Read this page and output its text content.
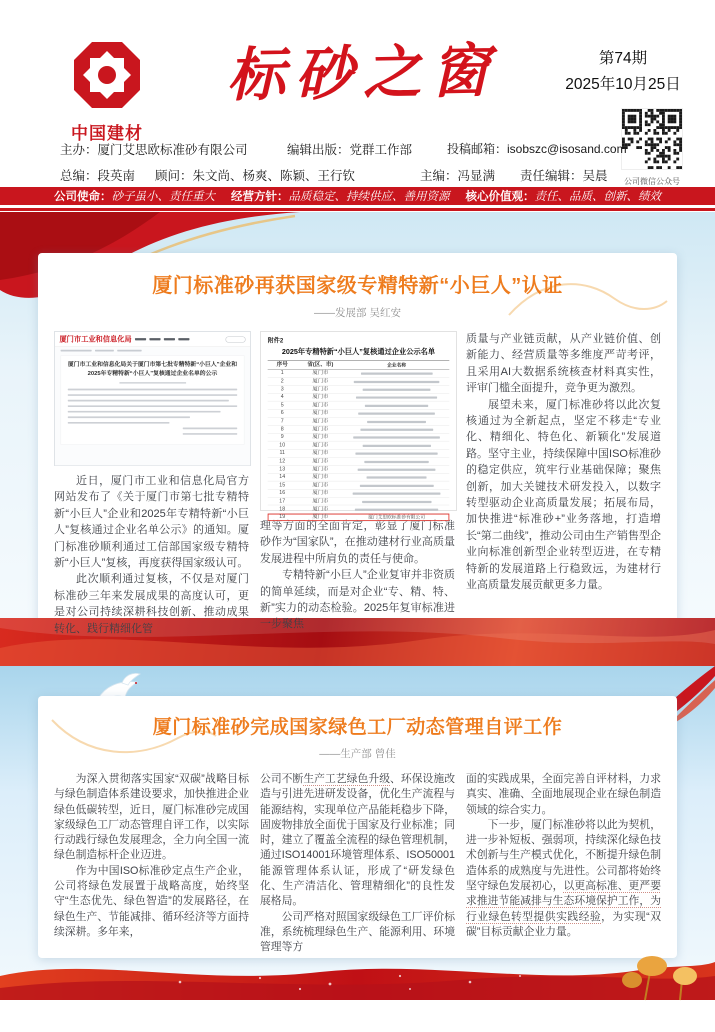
中国建材
标砂之窗	第74期
2025年10月25日
公司微信公众号
主办：厦门艾思欧标准砂有限公司	编辑出版：党群工作部	投稿邮箱：isobszc@isosand.com
总编：段英南 顾问：朱文尚、杨爽、陈颖、王行钦	主编：冯显满 责任编辑：吴晨
公司使命：砂子虽小、责任重大 经营方针：品质稳定、持续供应、善用资源 核心价值观：责任、品质、创新、绩效
厦门标准砂再获国家级专精特新“小巨人”认证
——发展部 吴红安
厦门市工业和信息化局
厦门市工业和信息化局关于厦门市第七批专精特新“小巨人”企业和2025年专精特新“小巨人”复核通过企业名单的公示

近日，厦门市工业和信息化局官方网站发布了《关于厦门市第七批专精特新“小巨人”企业和2025年专精特新“小巨人”复核通过企业名单公示》的通知。厦门标准砂顺利通过工信部国家级专精特新“小巨人”复核，再度获得国家级认可。

此次顺利通过复核，不仅是对厦门标准砂三年来发展成果的高度认可，更是对公司持续深耕科技创新、推动成果转化、践行精细化管

附件2
2025年专精特新“小巨人”复核通过企业公示名单
序号	省(区、市)	企业名称
1	厦门市
2	厦门市
3	厦门市
4	厦门市
5	厦门市
6	厦门市
7	厦门市
8	厦门市
9	厦门市
10	厦门市
11	厦门市
12	厦门市
13	厦门市
14	厦门市
15	厦门市
16	厦门市
17	厦门市
18	厦门市
19	厦门市	厦门艾思欧标准砂有限公司

理等方面的全面肯定，彰显了厦门标准砂作为“国家队”，在推动建材行业高质量发展进程中所肩负的责任与使命。

专精特新“小巨人”企业复审并非资质的简单延续，而是对企业“专、精、特、新”实力的动态检验。2025年复审标准进一步聚焦

质量与产业链贡献，从产业链价值、创新能力、经营质量等多维度严苛考评，且采用AI大数据系统核查材料真实性，评审门槛全面提升，竞争更为激烈。

展望未来，厦门标准砂将以此次复核通过为全新起点，坚定不移走“专业化、精细化、特色化、新颖化”发展道路。坚守主业，持续保障中国ISO标准砂的稳定供应，筑牢行业基础保障；聚焦创新，加大关键技术研发投入，以数字转型驱动企业高质量发展；拓展布局，加快推进“标准砂+”业务落地，打造增长“第二曲线”，推动公司由生产销售型企业向标准创新型企业转型迈进，在专精特新的发展道路上行稳致远，为建材行业高质量发展贡献更多力量。

厦门标准砂完成国家绿色工厂动态管理自评工作
——生产部 曾佳

为深入贯彻落实国家“双碳”战略目标与绿色制造体系建设要求，加快推进企业绿色低碳转型，近日，厦门标准砂完成国家级绿色工厂动态管理自评工作，以实际行动践行绿色发展理念，全力向全国一流绿色制造标杆企业迈进。

作为中国ISO标准砂定点生产企业，公司将绿色发展置于战略高度，始终坚守“生态优先、绿色智造”的发展路径，在绿色生产、节能减排、循环经济等方面持续深耕。多年来，

公司不断生产工艺绿色升级、环保设施改造与引进先进研发设备，优化生产流程与能源结构，实现单位产品能耗稳步下降，固废物排放全面优于国家及行业标准；同时，建立了覆盖全流程的绿色管理机制，通过ISO14001环境管理体系、ISO50001能源管理体系认证，形成了“研发绿色化、生产清洁化、管理精细化”的良性发展格局。

公司严格对照国家级绿色工厂评价标准，系统梳理绿色生产、能源利用、环境管理等方

面的实践成果，全面完善自评材料，力求真实、准确、全面地展现企业在绿色制造领域的综合实力。

下一步，厦门标准砂将以此为契机，进一步补短板、强弱项，持续深化绿色技术创新与生产模式优化，不断提升绿色制造体系的成熟度与先进性。公司都将始终坚守绿色发展初心，以更高标准、更严要求推进节能减排与生态环境保护工作，为行业绿色转型提供实践经验，为实现“双碳”目标贡献企业力量。
